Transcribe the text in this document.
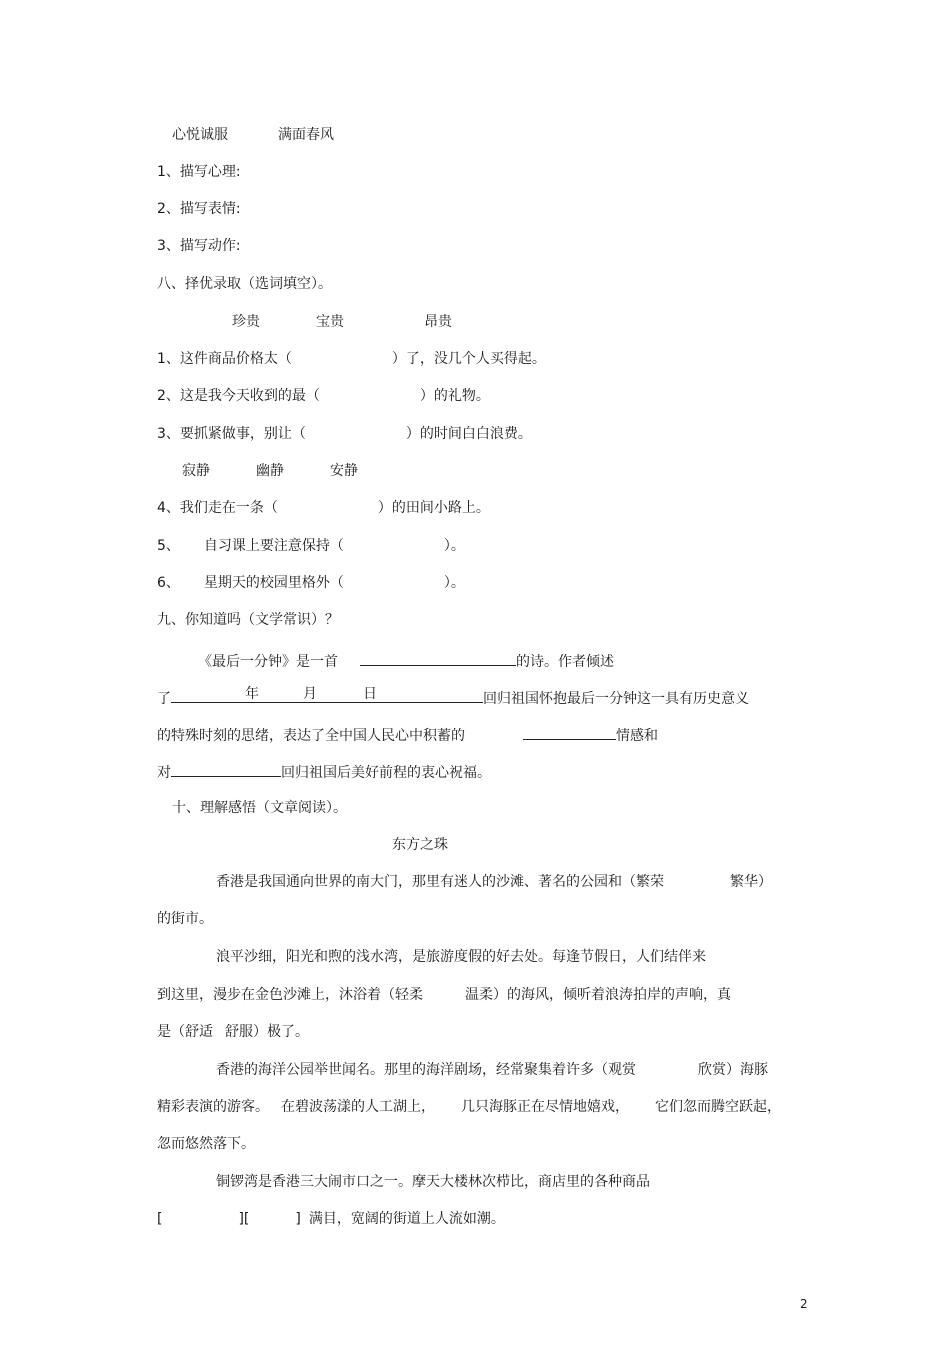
心悦诚服	满面春风
1、描写心理:
2、描写表情:
3、描写动作:
八、择优录取（选词填空）。
珍贵	宝贵	昂贵
1、这件商品价格太（	）了，没几个人买得起。
2、这是我今天收到的最（	）的礼物。
3、要抓紧做事，别让（	）的时间白白浪费。
寂静	幽静	安静
4、我们走在一条（	）的田间小路上。
5、 自习课上要注意保持（	）。
6、 星期天的校园里格外（	）。
九、你知道吗（文学常识）？
《最后一分钟》是一首	的诗。作者倾述
了	年	月	日	回归祖国怀抱最后一分钟这一具有历史意义
的特殊时刻的思绪，表达了全中国人民心中积蓄的	情感和
对	回归祖国后美好前程的衷心祝福。
十、理解感悟（文章阅读）。
东方之珠
香港是我国通向世界的南大门，那里有迷人的沙滩、著名的公园和（繁荣	繁华）
的街市。
浪平沙细，阳光和煦的浅水湾，是旅游度假的好去处。每逢节假日，人们结伴来
到这里，漫步在金色沙滩上，沐浴着（轻柔	温柔）的海风，倾听着浪涛拍岸的声响，真
是（舒适 舒服）极了。
香港的海洋公园举世闻名。那里的海洋剧场，经常聚集着许多（观赏	欣赏）海豚
精彩表演的游客。 在碧波荡漾的人工湖上， 几只海豚正在尽情地嬉戏， 它们忽而腾空跃起，
忽而悠然落下。
铜锣湾是香港三大闹市口之一。摩天大楼林次栉比，商店里的各种商品
[	][	] 满目，宽阔的街道上人流如潮。
2
